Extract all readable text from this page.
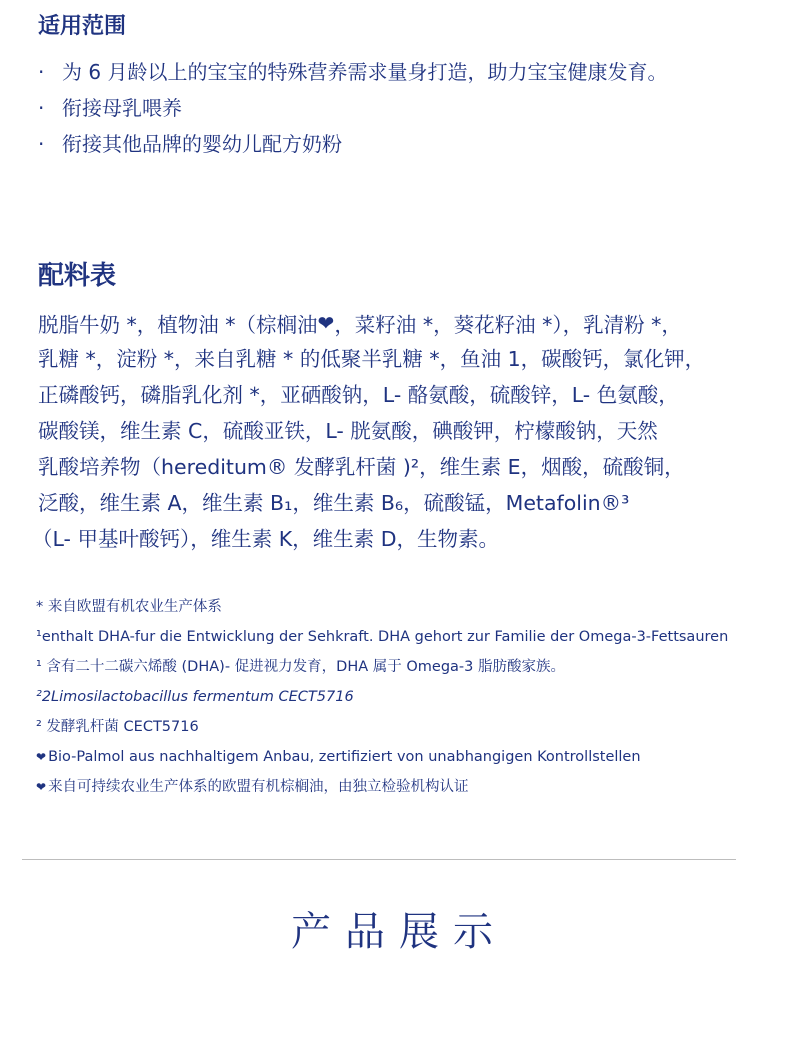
适用范围
· 为 6 月龄以上的宝宝的特殊营养需求量身打造，助力宝宝健康发育。
· 衔接母乳喂养
· 衔接其他品牌的婴幼儿配方奶粉
配料表
脱脂牛奶 *，植物油 *（棕榈油❤，菜籽油 *，葵花籽油 *），乳清粉 *，
乳糖 *，淀粉 *，来自乳糖 * 的低聚半乳糖 *，鱼油 1，碳酸钙，氯化钾，
正磷酸钙，磷脂乳化剂 *，亚硒酸钠，L- 酪氨酸，硫酸锌，L- 色氨酸，
碳酸镁，维生素 C，硫酸亚铁，L- 胱氨酸，碘酸钾，柠檬酸钠，天然
乳酸培养物（hereditum® 发酵乳杆菌 )²，维生素 E，烟酸，硫酸铜，
泛酸，维生素 A，维生素 B₁，维生素 B₆，硫酸锰，Metafolin®³
（L- 甲基叶酸钙），维生素 K，维生素 D，生物素。
* 来自欧盟有机农业生产体系
¹enthalt DHA-fur die Entwicklung der Sehkraft. DHA gehort zur Familie der Omega-3-Fettsauren
¹ 含有二十二碳六烯酸 (DHA)- 促进视力发育，DHA 属于 Omega-3 脂肪酸家族。
²2Limosilactobacillus fermentum CECT5716
² 发酵乳杆菌 CECT5716
❤ Bio-Palmol aus nachhaltigem Anbau, zertifiziert von unabhangigen Kontrollstellen
❤ 来自可持续农业生产体系的欧盟有机棕榈油，由独立检验机构认证
产品展示
